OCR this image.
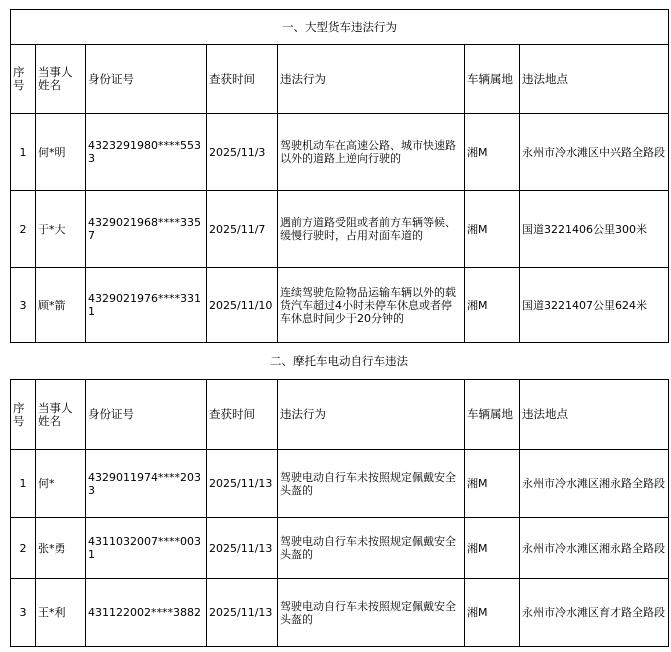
一、大型货车违法行为						
序号	当事人姓名	身份证号	查获时间	违法行为	车辆属地	违法地点
1	何*明	4323291980****5533	2025/11/3	驾驶机动车在高速公路、城市快速路以外的道路上逆向行驶的	湘M	永州市冷水滩区中兴路全路段
2	于*大	4329021968****3357	2025/11/7	遇前方道路受阻或者前方车辆等候、缓慢行驶时，占用对面车道的	湘M	国道3221406公里300米
3	顾*箭	4329021976****3311	2025/11/10	连续驾驶危险物品运输车辆以外的载货汽车超过4小时未停车休息或者停车休息时间少于20分钟的	湘M	国道3221407公里624米
二、摩托车电动自行车违法
序号	当事人姓名	身份证号	查获时间	违法行为	车辆属地	违法地点
1	何*	4329011974****2033	2025/11/13	驾驶电动自行车未按照规定佩戴安全头盔的	湘M	永州市冷水滩区湘永路全路段
2	张*勇	4311032007****0031	2025/11/13	驾驶电动自行车未按照规定佩戴安全头盔的	湘M	永州市冷水滩区湘永路全路段
3	王*利	431122002****3882	2025/11/13	驾驶电动自行车未按照规定佩戴安全头盔的	湘M	永州市冷水滩区育才路全路段
